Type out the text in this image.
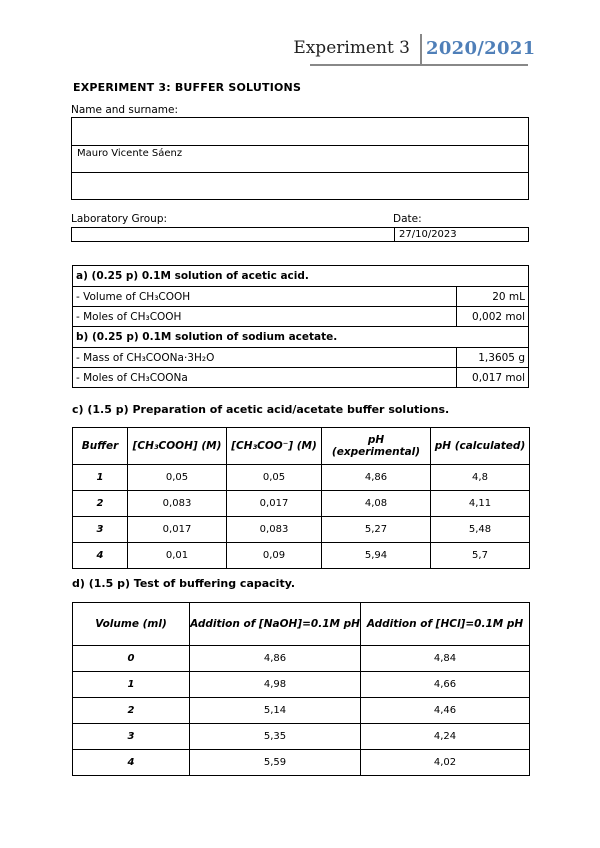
Experiment 3 2020/2021
EXPERIMENT 3: BUFFER SOLUTIONS
Name and surname:
Mauro Vicente Sáenz
Laboratory Group:	Date:
27/10/2023
a) (0.25 p) 0.1M solution of acetic acid.	
- Volume of CH₃COOH	20 mL
- Moles of CH₃COOH	0,002 mol
b) (0.25 p) 0.1M solution of sodium acetate.	
- Mass of CH₃COONa·3H₂O	1,3605 g
- Moles of CH₃COONa	0,017 mol
c) (1.5 p) Preparation of acetic acid/acetate buffer solutions.
Buffer	[CH₃COOH] (M)	[CH₃COO⁻] (M)	pH (experimental)	pH (calculated)
1	0,05	0,05	4,86	4,8
2	0,083	0,017	4,08	4,11
3	0,017	0,083	5,27	5,48
4	0,01	0,09	5,94	5,7
d) (1.5 p) Test of buffering capacity.
Volume (ml)	Addition of [NaOH]=0.1M pH	Addition of [HCl]=0.1M pH
0	4,86	4,84
1	4,98	4,66
2	5,14	4,46
3	5,35	4,24
4	5,59	4,02
